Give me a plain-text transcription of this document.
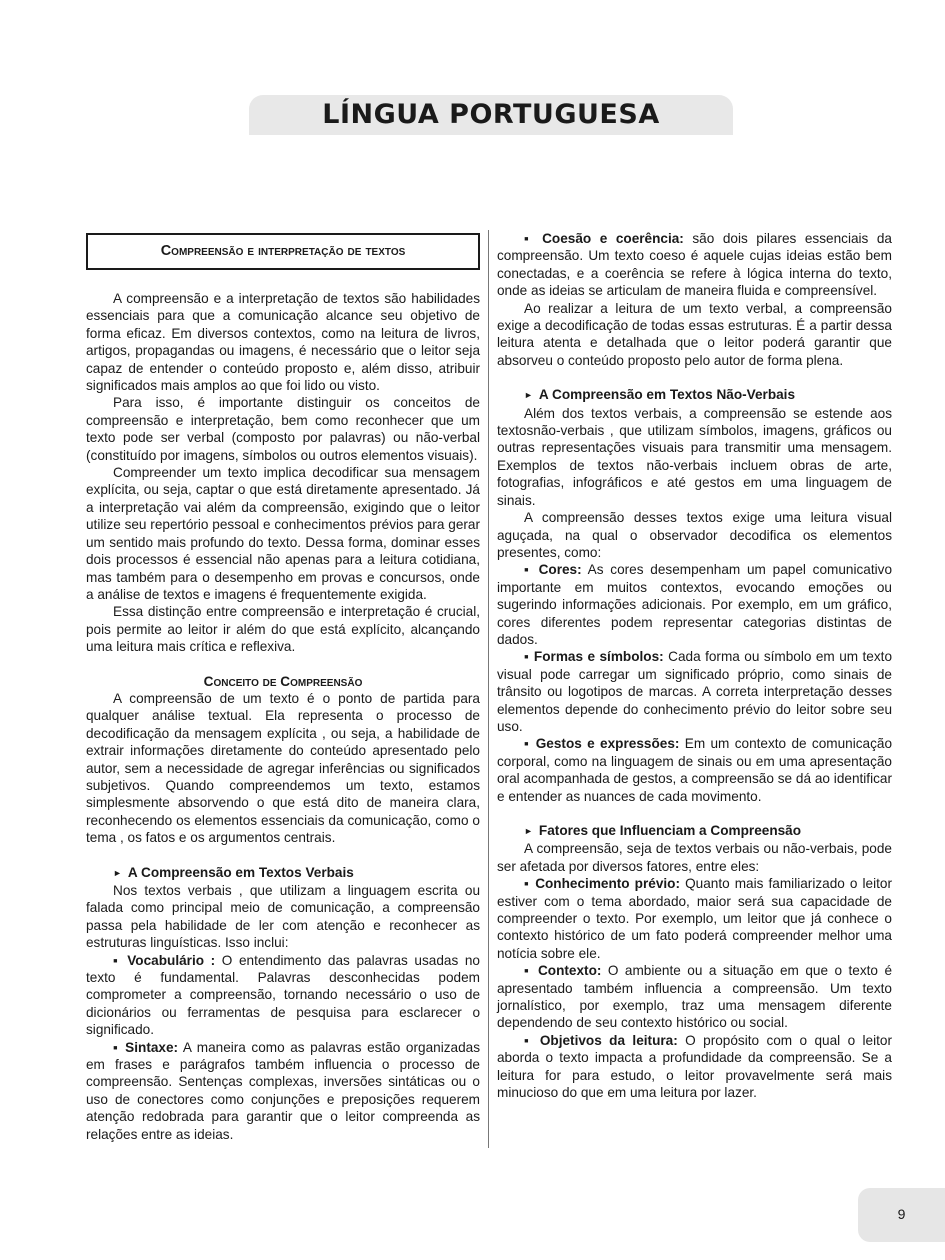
LÍNGUA PORTUGUESA
Compreensão e interpretação de textos

A compreensão e a interpretação de textos são habilidades essenciais para que a comunicação alcance seu objetivo de forma eficaz. Em diversos contextos, como na leitura de livros, artigos, propagandas ou imagens, é necessário que o leitor seja capaz de entender o conteúdo proposto e, além disso, atribuir significados mais amplos ao que foi lido ou visto.

Para isso, é importante distinguir os conceitos de compreensão e interpretação, bem como reconhecer que um texto pode ser verbal (composto por palavras) ou não-verbal (constituído por imagens, símbolos ou outros elementos visuais).

Compreender um texto implica decodificar sua mensagem explícita, ou seja, captar o que está diretamente apresentado. Já a interpretação vai além da compreensão, exigindo que o leitor utilize seu repertório pessoal e conhecimentos prévios para gerar um sentido mais profundo do texto. Dessa forma, dominar esses dois processos é essencial não apenas para a leitura cotidiana, mas também para o desempenho em provas e concursos, onde a análise de textos e imagens é frequentemente exigida.

Essa distinção entre compreensão e interpretação é crucial, pois permite ao leitor ir além do que está explícito, alcançando uma leitura mais crítica e reflexiva.

Conceito de Compreensão

A compreensão de um texto é o ponto de partida para qualquer análise textual. Ela representa o processo de decodificação da mensagem explícita , ou seja, a habilidade de extrair informações diretamente do conteúdo apresentado pelo autor, sem a necessidade de agregar inferências ou significados subjetivos. Quando compreendemos um texto, estamos simplesmente absorvendo o que está dito de maneira clara, reconhecendo os elementos essenciais da comunicação, como o tema , os fatos e os argumentos centrais.

► A Compreensão em Textos Verbais

Nos textos verbais , que utilizam a linguagem escrita ou falada como principal meio de comunicação, a compreensão passa pela habilidade de ler com atenção e reconhecer as estruturas linguísticas. Isso inclui:

▪ Vocabulário : O entendimento das palavras usadas no texto é fundamental. Palavras desconhecidas podem comprometer a compreensão, tornando necessário o uso de dicionários ou ferramentas de pesquisa para esclarecer o significado.

▪ Sintaxe: A maneira como as palavras estão organizadas em frases e parágrafos também influencia o processo de compreensão. Sentenças complexas, inversões sintáticas ou o uso de conectores como conjunções e preposições requerem atenção redobrada para garantir que o leitor compreenda as relações entre as ideias.

▪ Coesão e coerência: são dois pilares essenciais da compreensão. Um texto coeso é aquele cujas ideias estão bem conectadas, e a coerência se refere à lógica interna do texto, onde as ideias se articulam de maneira fluida e compreensível.

Ao realizar a leitura de um texto verbal, a compreensão exige a decodificação de todas essas estruturas. É a partir dessa leitura atenta e detalhada que o leitor poderá garantir que absorveu o conteúdo proposto pelo autor de forma plena.

► A Compreensão em Textos Não-Verbais

Além dos textos verbais, a compreensão se estende aos textosnão-verbais , que utilizam símbolos, imagens, gráficos ou outras representações visuais para transmitir uma mensagem. Exemplos de textos não-verbais incluem obras de arte, fotografias, infográficos e até gestos em uma linguagem de sinais.

A compreensão desses textos exige uma leitura visual aguçada, na qual o observador decodifica os elementos presentes, como:

▪ Cores: As cores desempenham um papel comunicativo importante em muitos contextos, evocando emoções ou sugerindo informações adicionais. Por exemplo, em um gráfico, cores diferentes podem representar categorias distintas de dados.

▪ Formas e símbolos: Cada forma ou símbolo em um texto visual pode carregar um significado próprio, como sinais de trânsito ou logotipos de marcas. A correta interpretação desses elementos depende do conhecimento prévio do leitor sobre seu uso.

▪ Gestos e expressões: Em um contexto de comunicação corporal, como na linguagem de sinais ou em uma apresentação oral acompanhada de gestos, a compreensão se dá ao identificar e entender as nuances de cada movimento.

► Fatores que Influenciam a Compreensão

A compreensão, seja de textos verbais ou não-verbais, pode ser afetada por diversos fatores, entre eles:

▪ Conhecimento prévio: Quanto mais familiarizado o leitor estiver com o tema abordado, maior será sua capacidade de compreender o texto. Por exemplo, um leitor que já conhece o contexto histórico de um fato poderá compreender melhor uma notícia sobre ele.

▪ Contexto: O ambiente ou a situação em que o texto é apresentado também influencia a compreensão. Um texto jornalístico, por exemplo, traz uma mensagem diferente dependendo de seu contexto histórico ou social.

▪ Objetivos da leitura: O propósito com o qual o leitor aborda o texto impacta a profundidade da compreensão. Se a leitura for para estudo, o leitor provavelmente será mais minucioso do que em uma leitura por lazer.

9
